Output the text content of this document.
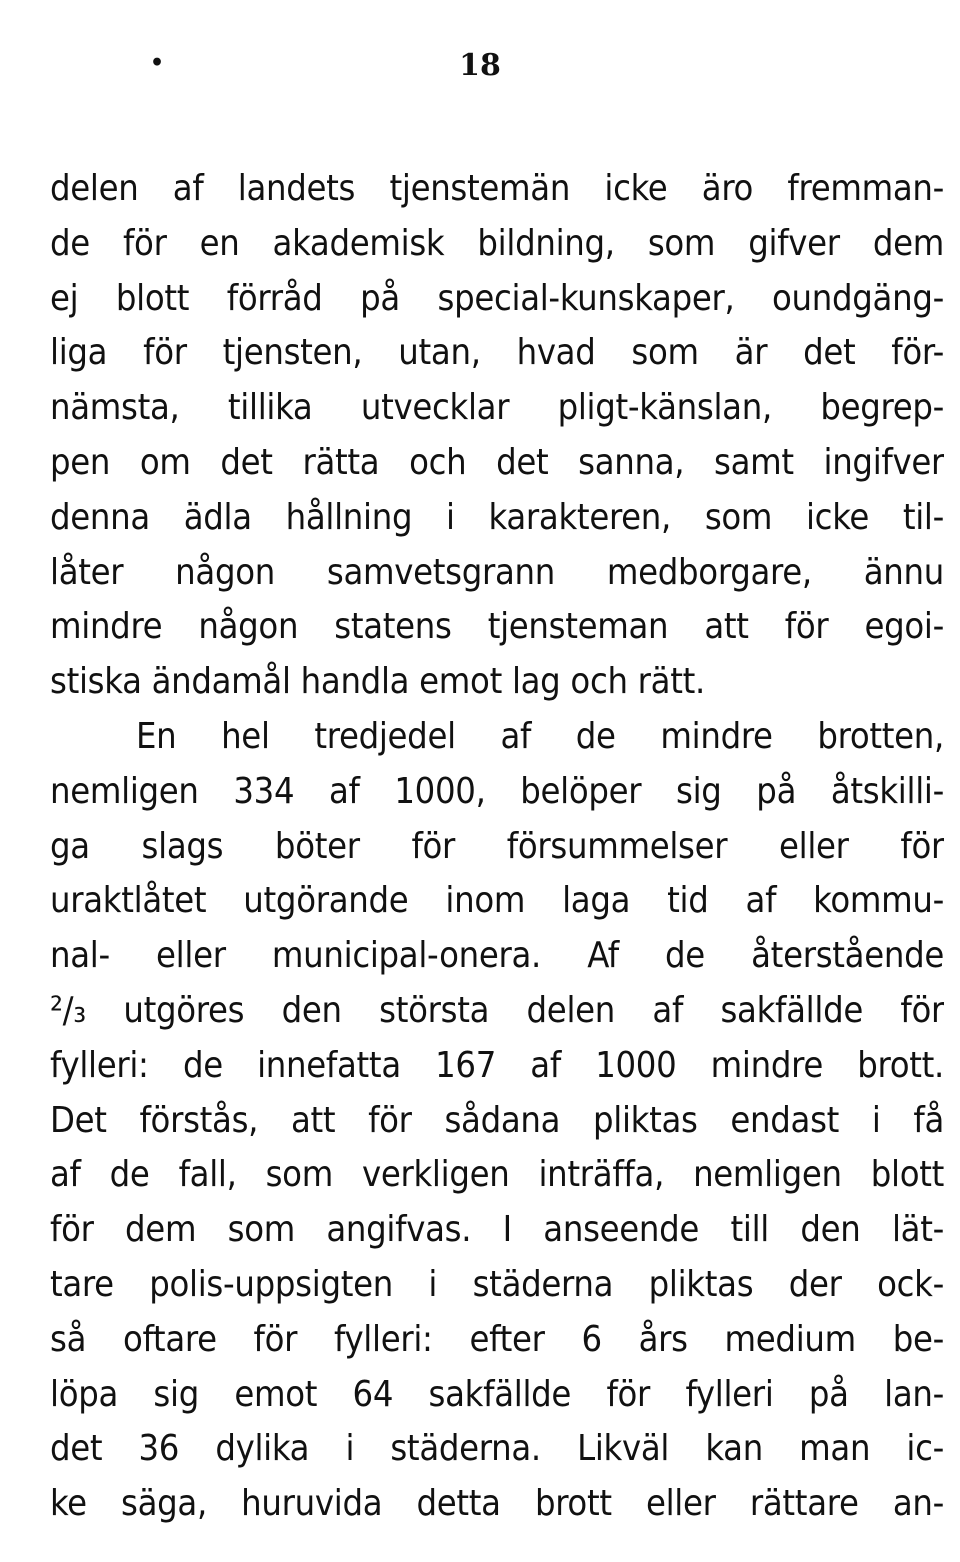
•	18
delen af landets tjenstemän icke äro fremman-
de för en akademisk bildning, som gifver dem
ej blott förråd på special-kunskaper, oundgäng-
liga för tjensten, utan, hvad som är det för-
nämsta, tillika utvecklar pligt-känslan, begrep-
pen om det rätta och det sanna, samt ingifver
denna ädla hållning i karakteren, som icke til-
låter någon samvetsgrann medborgare, ännu
mindre någon statens tjensteman att för egoi-
stiska ändamål handla emot lag och rätt.
En hel tredjedel af de mindre brotten,
nemligen 334 af 1000, belöper sig på åtskilli-
ga slags böter för försummelser eller för
uraktlåtet utgörande inom laga tid af kommu-
nal- eller municipal-onera. Af de återstående
²/₃ utgöres den största delen af sakfällde för
fylleri: de innefatta 167 af 1000 mindre brott.
Det förstås, att för sådana pliktas endast i få
af de fall, som verkligen inträffa, nemligen blott
för dem som angifvas. I anseende till den lät-
tare polis-uppsigten i städerna pliktas der ock-
så oftare för fylleri: efter 6 års medium be-
löpa sig emot 64 sakfällde för fylleri på lan-
det 36 dylika i städerna. Likväl kan man ic-
ke säga, huruvida detta brott eller rättare an-
